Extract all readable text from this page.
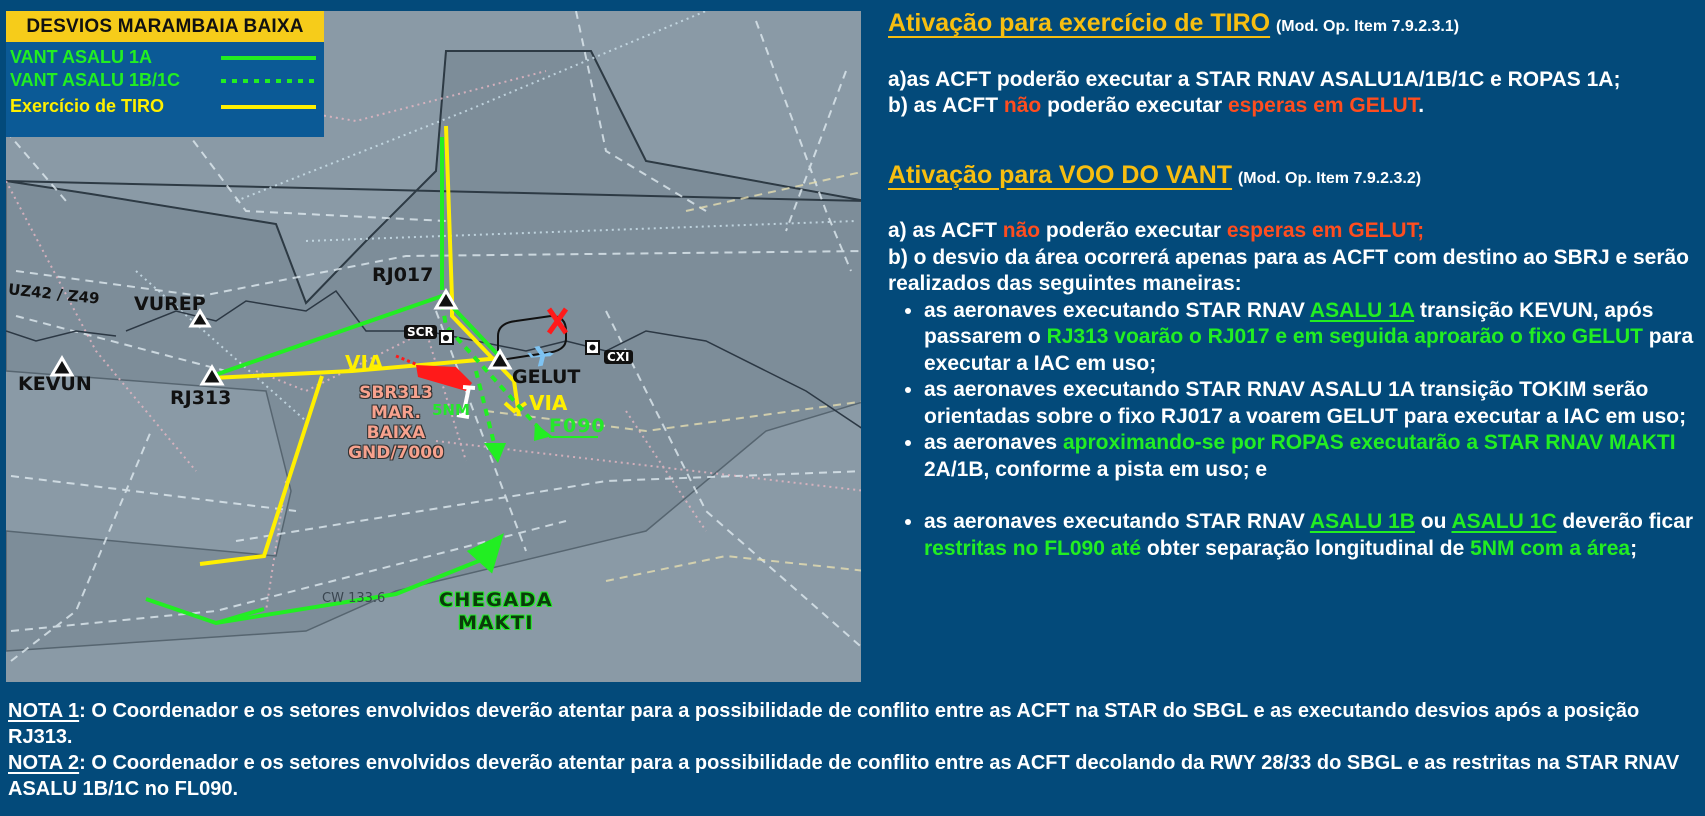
UZ42 / Z49 VUREP
KEVUN
RJ313
RJ017
GELUT
SCR
CXI
VIA
VIA
SBR313
MAR.
BAIXA
GND/7000
5NM
F090
CW 133.6	CHEGADA
MAKTI
DESVIOS MARAMBAIA BAIXA
VANT ASALU 1A
VANT ASALU 1B/1C
Exercício de TIRO

Ativação para exercício de TIRO (Mod. Op. Item 7.9.2.3.1)

a)as ACFT poderão executar a STAR RNAV ASALU1A/1B/1C e ROPAS 1A;

b) as ACFT não poderão executar esperas em GELUT.

Ativação para VOO DO VANT (Mod. Op. Item 7.9.2.3.2)

a) as ACFT não poderão executar esperas em GELUT;

b) o desvio da área ocorrerá apenas para as ACFT com destino ao SBRJ e serão realizados das seguintes maneiras:

• as aeronaves executando STAR RNAV ASALU 1A transição KEVUN, após passarem o RJ313 voarão o RJ017 e em seguida aproarão o fixo GELUT para executar a IAC em uso;
• as aeronaves executando STAR RNAV ASALU 1A transição TOKIM serão orientadas sobre o fixo RJ017 a voarem GELUT para executar a IAC em uso;
• as aeronaves aproximando-se por ROPAS executarão a STAR RNAV MAKTI 2A/1B, conforme a pista em uso; e
• as aeronaves executando STAR RNAV ASALU 1B ou ASALU 1C deverão ficar restritas no FL090 até obter separação longitudinal de 5NM com a área;
NOTA 1: O Coordenador e os setores envolvidos deverão atentar para a possibilidade de conflito entre as ACFT na STAR do SBGL e as executando desvios após a posição RJ313.
NOTA 2: O Coordenador e os setores envolvidos deverão atentar para a possibilidade de conflito entre as ACFT decolando da RWY 28/33 do SBGL e as restritas na STAR RNAV ASALU 1B/1C no FL090.
